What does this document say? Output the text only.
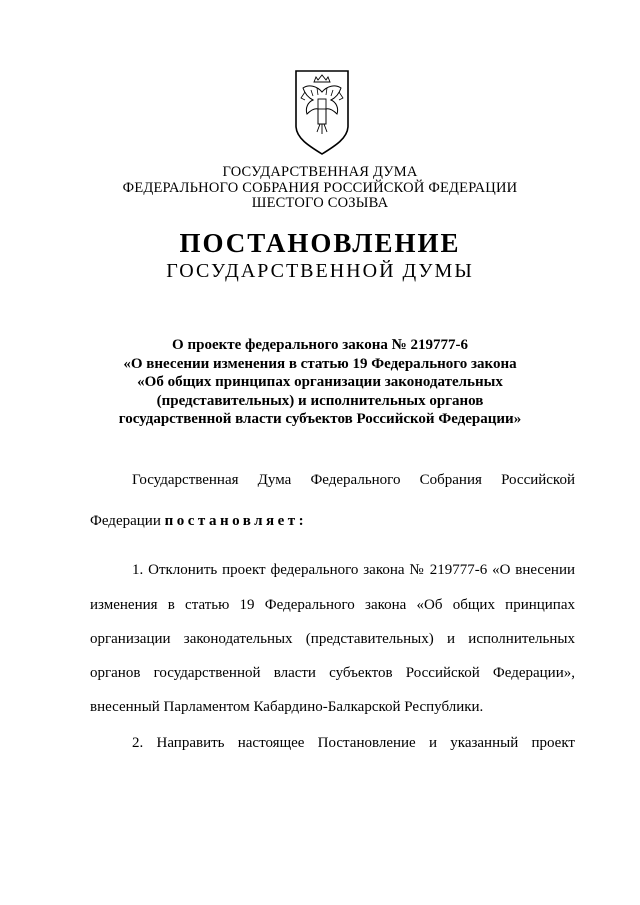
ГОСУДАРСТВЕННАЯ ДУМА
ФЕДЕРАЛЬНОГО СОБРАНИЯ РОССИЙСКОЙ ФЕДЕРАЦИИ
ШЕСТОГО СОЗЫВА
ПОСТАНОВЛЕНИЕ
ГОСУДАРСТВЕННОЙ ДУМЫ
О проекте федерального закона № 219777-6
«О внесении изменения в статью 19 Федерального закона
«Об общих принципах организации законодательных
(представительных) и исполнительных органов
государственной власти субъектов Российской Федерации»
Государственная Дума Федерального Собрания Российской
Федерации постановляет:
1. Отклонить проект федерального закона № 219777-6 «О внесении
изменения в статью 19 Федерального закона «Об общих принципах
организации законодательных (представительных) и исполнительных
органов государственной власти субъектов Российской Федерации»,
внесенный Парламентом Кабардино-Балкарской Республики.
2. Направить настоящее Постановление и указанный проект
